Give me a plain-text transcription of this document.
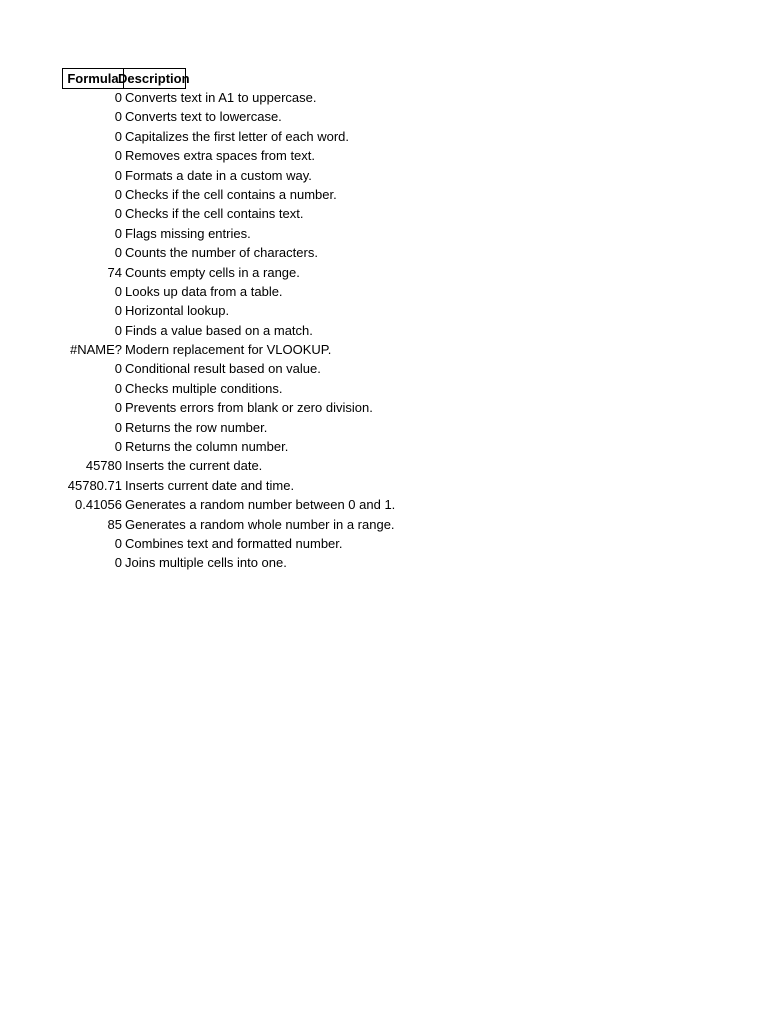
Formula Description
0 Converts text in A1 to uppercase.
0 Converts text to lowercase.
0 Capitalizes the first letter of each word.
0 Removes extra spaces from text.
0 Formats a date in a custom way.
0 Checks if the cell contains a number.
0 Checks if the cell contains text.
0 Flags missing entries.
0 Counts the number of characters.
74 Counts empty cells in a range.
0 Looks up data from a table.
0 Horizontal lookup.
0 Finds a value based on a match.
#NAME? Modern replacement for VLOOKUP.
0 Conditional result based on value.
0 Checks multiple conditions.
0 Prevents errors from blank or zero division.
0 Returns the row number.
0 Returns the column number.
45780 Inserts the current date.
45780.71 Inserts current date and time.
0.41056 Generates a random number between 0 and 1.
85 Generates a random whole number in a range.
0 Combines text and formatted number.
0 Joins multiple cells into one.
